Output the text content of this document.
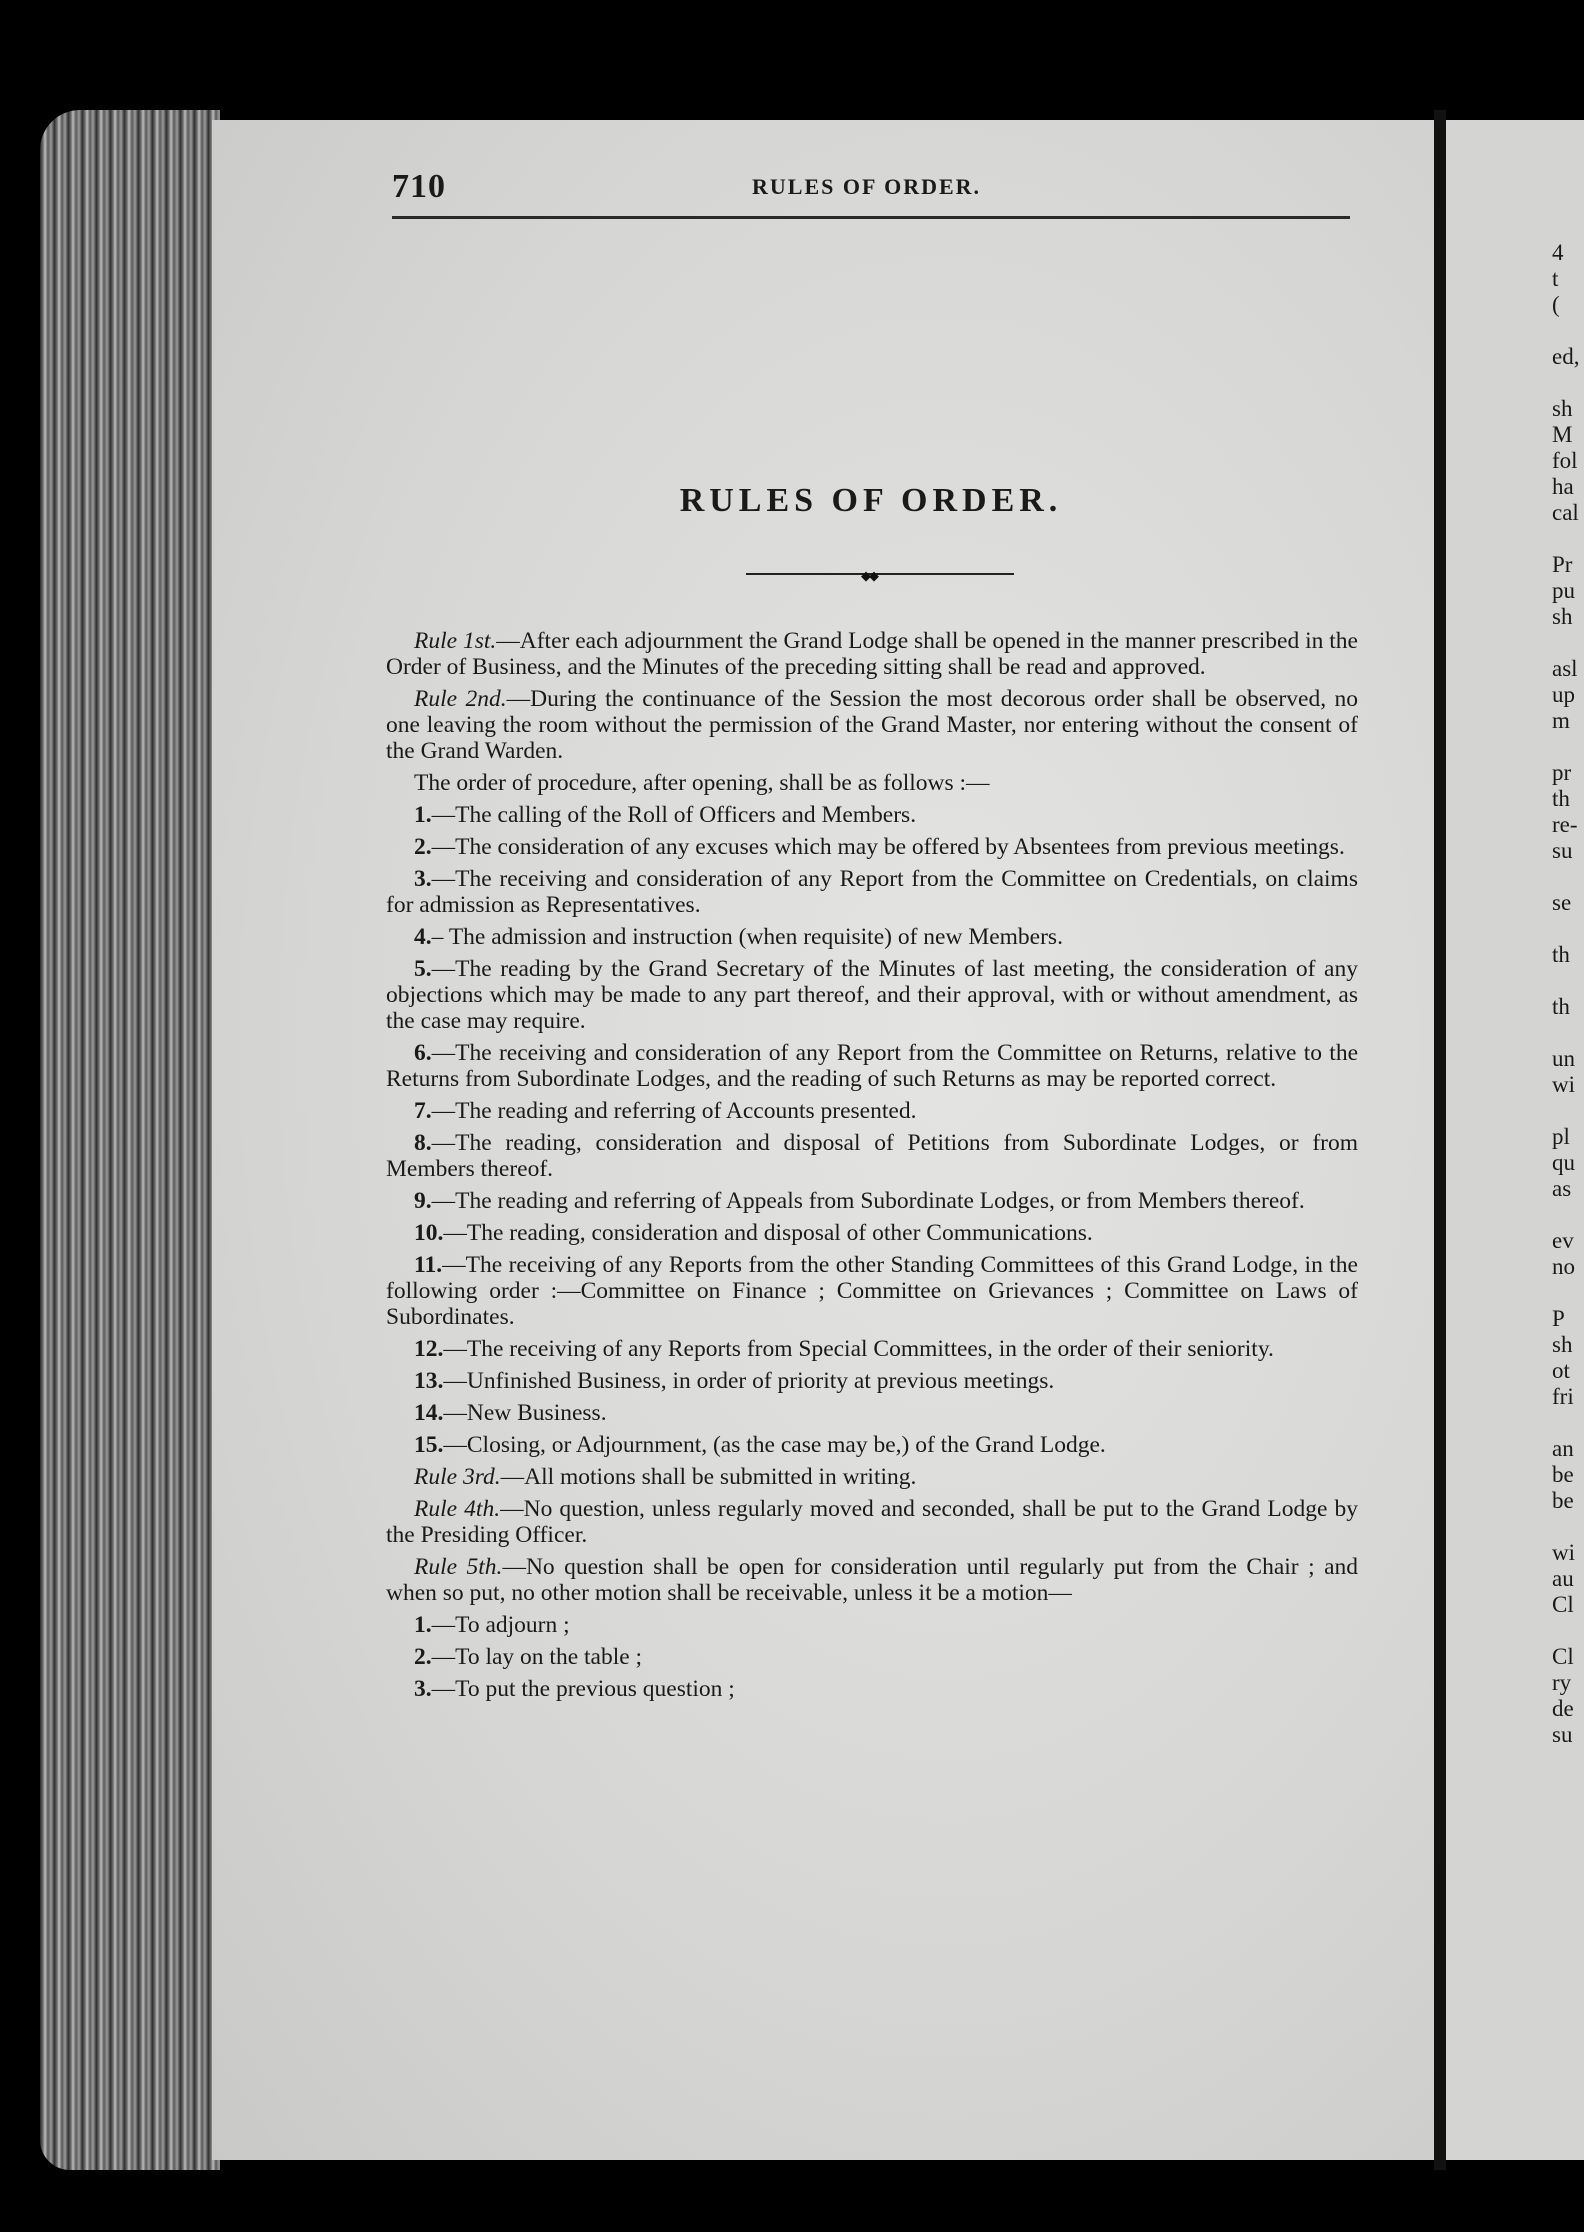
710	RULES OF ORDER.
RULES OF ORDER.
◆◆

Rule 1st.—After each adjournment the Grand Lodge shall be opened in the manner prescribed in the Order of Business, and the Minutes of the preceding sitting shall be read and approved.

Rule 2nd.—During the continuance of the Session the most decorous order shall be observed, no one leaving the room without the permission of the Grand Master, nor entering without the consent of the Grand Warden.

The order of procedure, after opening, shall be as follows :—

1.—The calling of the Roll of Officers and Members.

2.—The consideration of any excuses which may be offered by Absentees from previous meetings.

3.—The receiving and consideration of any Report from the Committee on Credentials, on claims for admission as Representatives.

4.– The admission and instruction (when requisite) of new Members.

5.—The reading by the Grand Secretary of the Minutes of last meeting, the consideration of any objections which may be made to any part thereof, and their approval, with or without amendment, as the case may require.

6.—The receiving and consideration of any Report from the Committee on Returns, relative to the Returns from Subordinate Lodges, and the reading of such Returns as may be reported correct.

7.—The reading and referring of Accounts presented.

8.—The reading, consideration and disposal of Petitions from Subordinate Lodges, or from Members thereof.

9.—The reading and referring of Appeals from Subordinate Lodges, or from Members thereof.

10.—The reading, consideration and disposal of other Communications.

11.—The receiving of any Reports from the other Standing Committees of this Grand Lodge, in the following order :—Committee on Finance ; Committee on Grievances ; Committee on Laws of Subordinates.

12.—The receiving of any Reports from Special Committees, in the order of their seniority.

13.—Unfinished Business, in order of priority at previous meetings.

14.—New Business.

15.—Closing, or Adjournment, (as the case may be,) of the Grand Lodge.

Rule 3rd.—All motions shall be submitted in writing.

Rule 4th.—No question, unless regularly moved and seconded, shall be put to the Grand Lodge by the Presiding Officer.

Rule 5th.—No question shall be open for consideration until regularly put from the Chair ; and when so put, no other motion shall be receivable, unless it be a motion—

1.—To adjourn ;

2.—To lay on the table ;

3.—To put the previous question ;

4
t
(
ed,
sh
M
fol
ha
cal
Pr
pu
sh
asl
up
m
pr
th
re-
su
se
th
th
un
wi
pl
qu
as
ev
no
P
sh
ot
fri
an
be
be
wi
au
Cl
Cl
ry
de
su
